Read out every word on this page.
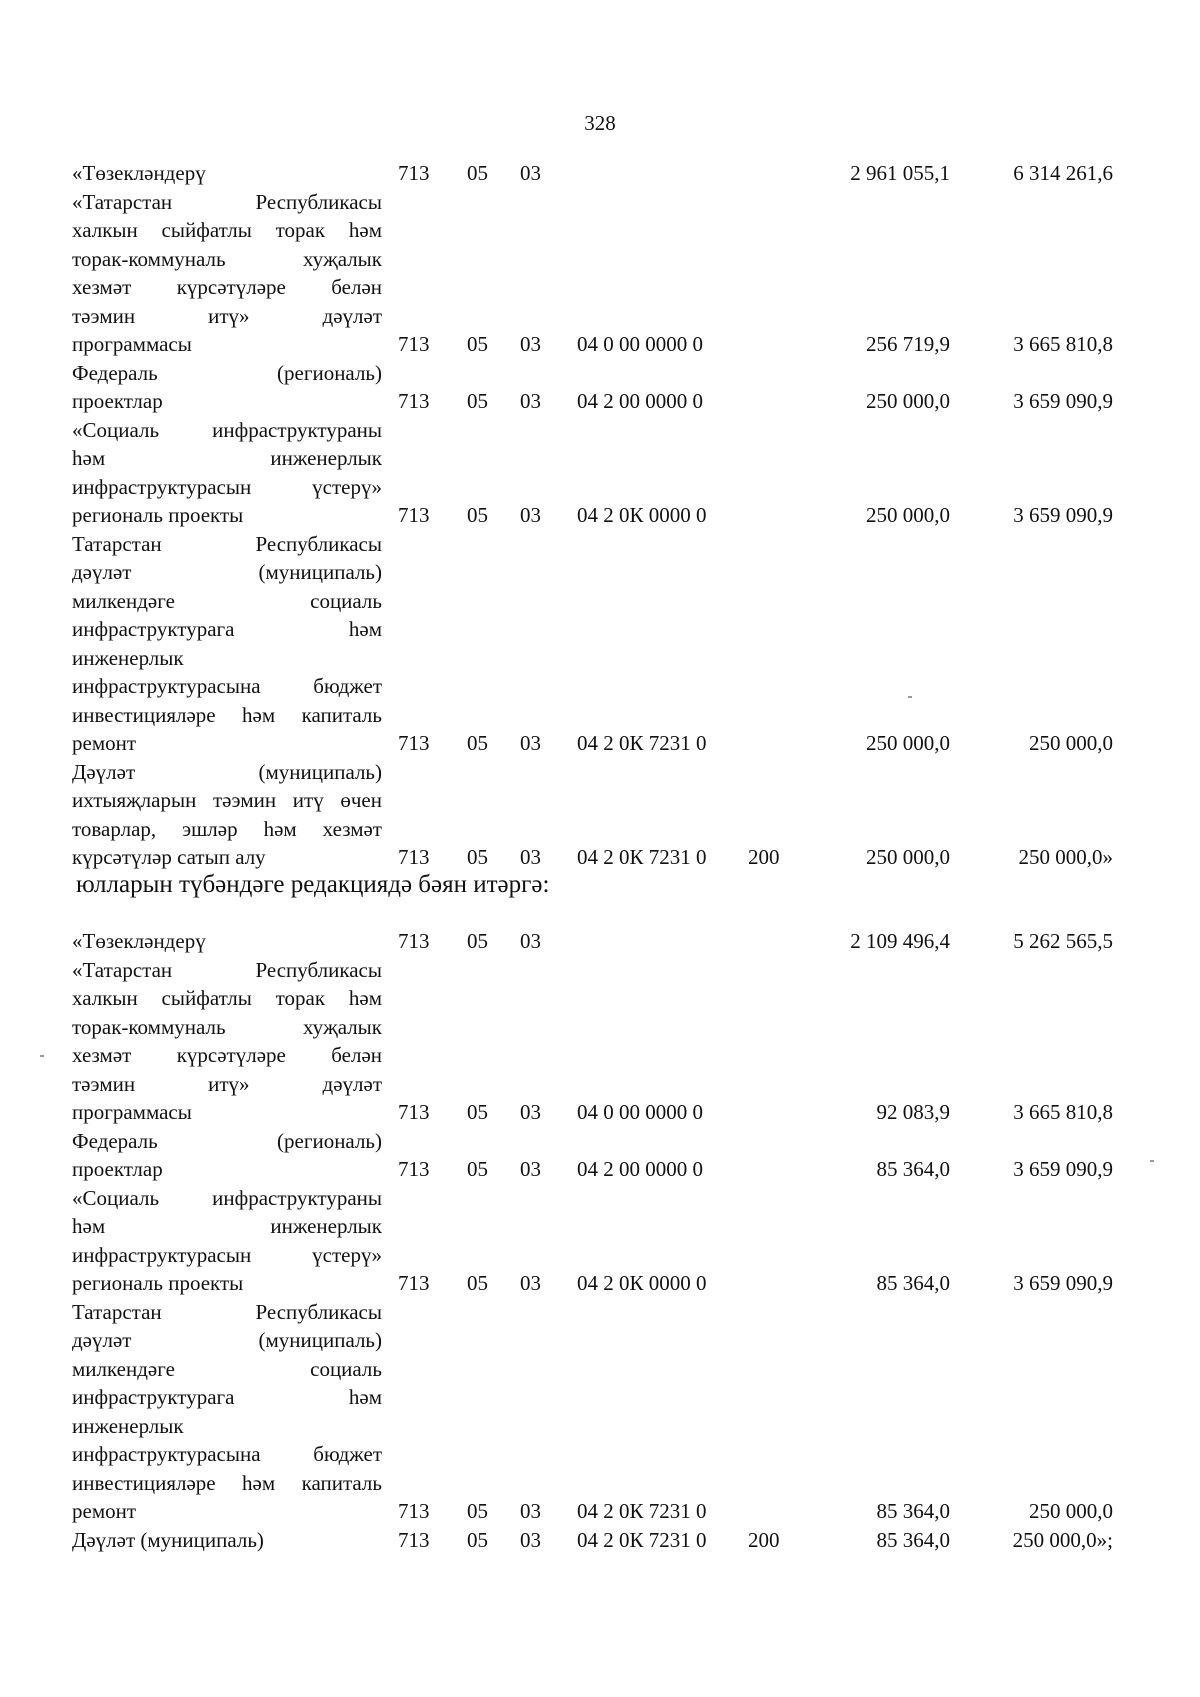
328
«Төзекләндерү	713 05 03	2 961 055,1	6 314 261,6
«Татарстан Республикасы
халкын сыйфатлы торак һәм
торак-коммуналь хуҗалык
хезмәт күрсәтүләре белән
тәэмин итү» дәүләт
программасы	713 05 03 04 0 00 0000 0	256 719,9	3 665 810,8
Федераль (региональ)
проектлар	713 05 03 04 2 00 0000 0	250 000,0	3 659 090,9
«Социаль инфраструктураны
һәм инженерлык
инфраструктурасын үстерү»
региональ проекты	713 05 03 04 2 0К 0000 0	250 000,0	3 659 090,9
Татарстан Республикасы
дәүләт (муниципаль)
милкендәге социаль
инфраструктурага һәм
инженерлык
инфраструктурасына бюджет
инвестицияләре һәм капиталь
ремонт	713 05 03 04 2 0К 7231 0	250 000,0	250 000,0
Дәүләт (муниципаль)
ихтыяҗларын тәэмин итү өчен
товарлар, эшләр һәм хезмәт
күрсәтүләр сатып алу	713 05 03 04 2 0К 7231 0 200	250 000,0	250 000,0»
юлларын түбәндәге редакциядә бәян итәргә:
«Төзекләндерү	713 05 03	2 109 496,4	5 262 565,5
«Татарстан Республикасы
халкын сыйфатлы торак һәм
торак-коммуналь хуҗалык
хезмәт күрсәтүләре белән
тәэмин итү» дәүләт
программасы	713 05 03 04 0 00 0000 0	92 083,9	3 665 810,8
Федераль (региональ)
проектлар	713 05 03 04 2 00 0000 0	85 364,0	3 659 090,9
«Социаль инфраструктураны
һәм инженерлык
инфраструктурасын үстерү»
региональ проекты	713 05 03 04 2 0К 0000 0	85 364,0	3 659 090,9
Татарстан Республикасы
дәүләт (муниципаль)
милкендәге социаль
инфраструктурага һәм
инженерлык
инфраструктурасына бюджет
инвестицияләре һәм капиталь
ремонт	713 05 03 04 2 0К 7231 0	85 364,0	250 000,0
Дәүләт (муниципаль)	713 05 03 04 2 0К 7231 0 200	85 364,0	250 000,0»;
